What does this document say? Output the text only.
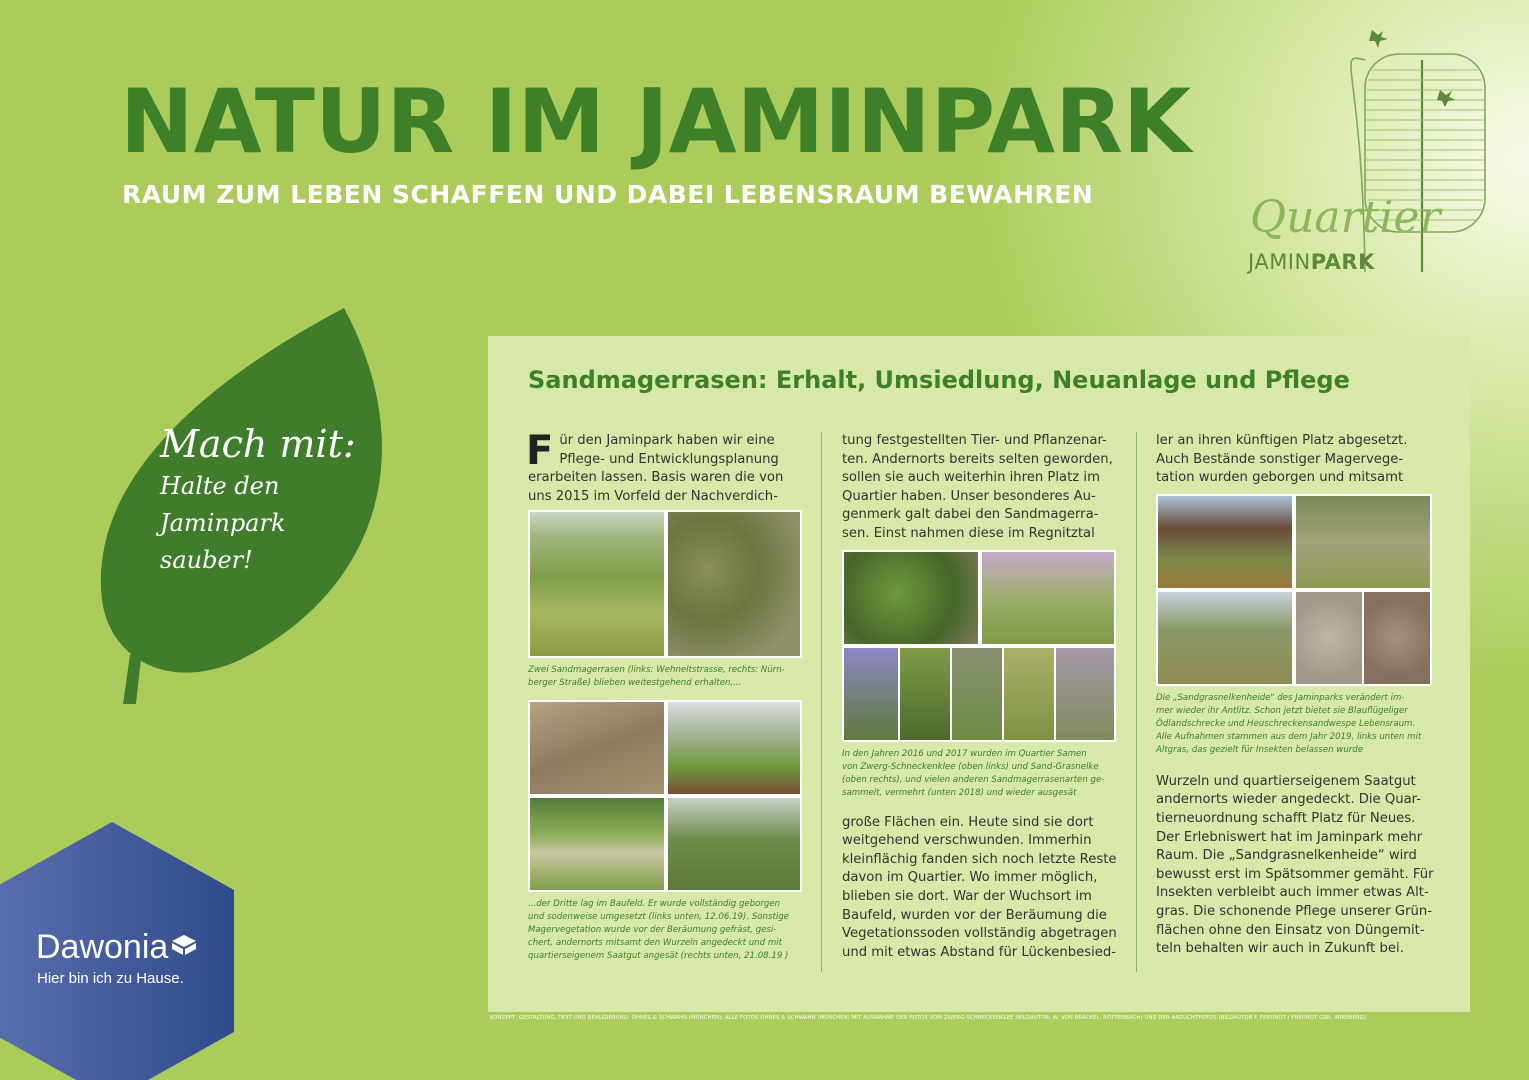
NATUR IM JAMINPARK
RAUM ZUM LEBEN SCHAFFEN UND DABEI LEBENSRAUM BEWAHREN	Quartier
JAMINPARK
Mach mit:
Halte den
Jaminpark
sauber!
Sandmagerrasen: Erhalt, Umsiedlung, Neuanlage und Pflege
F ür den Jaminpark haben wir eine

Pflege- und Entwicklungsplanung

erarbeiten lassen. Basis waren die von

uns 2015 im Vorfeld der Nachverdich-

Zwei Sandmagerrasen (links: Wehneltstrasse, rechts: Nürn-

berger Straße) blieben weitestgehend erhalten,...

...der Dritte lag im Baufeld. Er wurde vollständig geborgen

und sodenweise umgesetzt (links unten, 12.06.19). Sonstige

Magervegetation wurde vor der Beräumung gefräst, gesi-

chert, andernorts mitsamt den Wurzeln angedeckt und mit

quartierseigenem Saatgut angesät (rechts unten, 21.08.19 )

tung festgestellten Tier- und Pflanzenar-

ten. Andernorts bereits selten geworden,

sollen sie auch weiterhin ihren Platz im

Quartier haben. Unser besonderes Au-

genmerk galt dabei den Sandmagerra-

sen. Einst nahmen diese im Regnitztal

In den Jahren 2016 und 2017 wurden im Quartier Samen

von Zwerg-Schneckenklee (oben links) und Sand-Grasnelke

(oben rechts), und vielen anderen Sandmagerrasenarten ge-

sammelt, vermehrt (unten 2018) und wieder ausgesät

große Flächen ein. Heute sind sie dort

weitgehend verschwunden. Immerhin

kleinflächig fanden sich noch letzte Reste

davon im Quartier. Wo immer möglich,

blieben sie dort. War der Wuchsort im

Baufeld, wurden vor der Beräumung die

Vegetationssoden vollständig abgetragen

und mit etwas Abstand für Lückenbesied-

ler an ihren künftigen Platz abgesetzt.

Auch Bestände sonstiger Magervege-

tation wurden geborgen und mitsamt

Die „Sandgrasnelkenheide" des Jaminparks verändert im-

mer wieder ihr Antlitz. Schon jetzt bietet sie Blauflügeliger

Ödlandschrecke und Heuschreckensandwespe Lebensraum.

Alle Aufnahmen stammen aus dem Jahr 2019, links unten mit

Altgras, das gezielt für Insekten belassen wurde

Wurzeln und quartierseigenem Saatgut

andernorts wieder angedeckt. Die Quar-

tierneuordnung schafft Platz für Neues.

Der Erlebniswert hat im Jaminpark mehr

Raum. Die „Sandgrasnelkenheide“ wird

bewusst erst im Spätsommer gemäht. Für

Insekten verbleibt auch immer etwas Alt-

gras. Die schonende Pflege unserer Grün-

flächen ohne den Einsatz von Düngemit-

teln behalten wir auch in Zukunft bei.

KONZEPT, GESTALTUNG, TEXT UND REALISIERUNG: OHNES & SCHWAHN (MÜNCHEN); ALLE FOTOS OHNES & SCHWAHN (MÜNCHEN) MIT AUSNAHME DER FOTOS VOM ZWERG-SCHNECKENKLEE (BILDAUTOR: W. VON BRACKEL, RÖTTENBACH) UND DER ANZUCHTFOTOS (BILDAUTOR F. FREUNDT / FREUNDT GBR, WIRSBERG)
Dawonia
Hier bin ich zu Hause.
